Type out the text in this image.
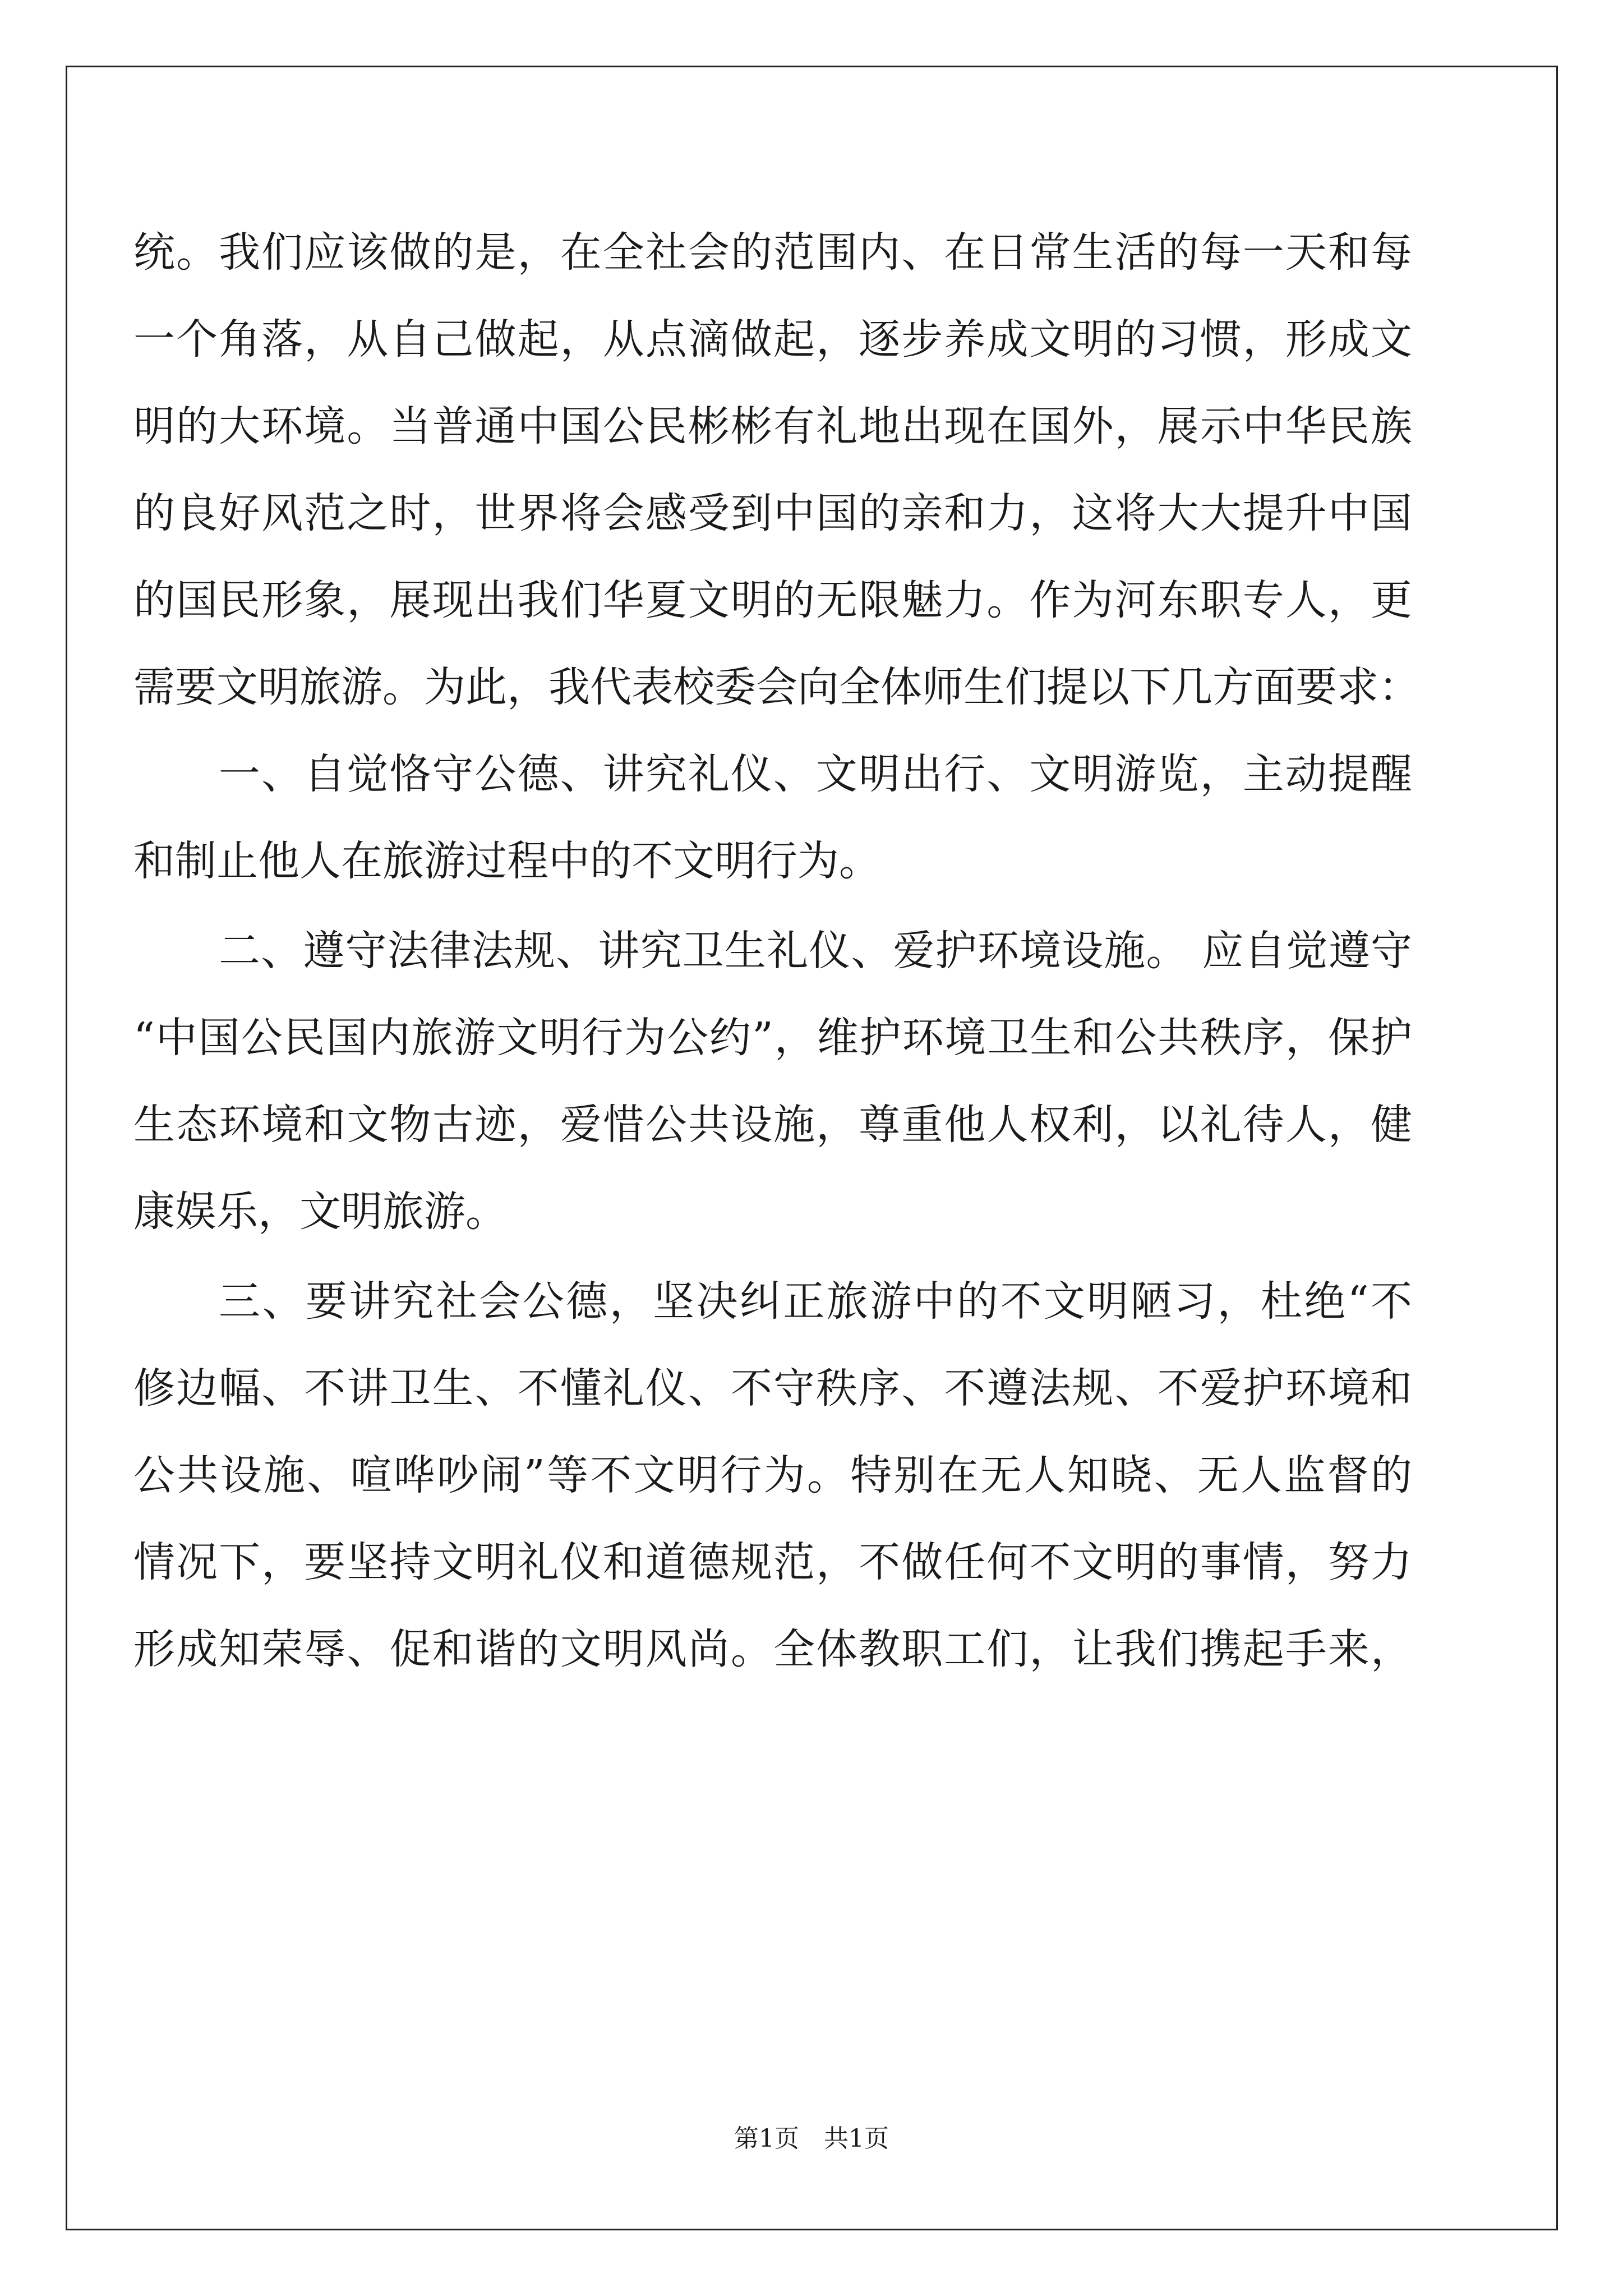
统。我们应该做的是，在全社会的范围内、在日常生活的每一天和每
一个角落，从自己做起，从点滴做起，逐步养成文明的习惯，形成文
明的大环境。当普通中国公民彬彬有礼地出现在国外，展示中华民族
的良好风范之时，世界将会感受到中国的亲和力，这将大大提升中国
的国民形象，展现出我们华夏文明的无限魅力。作为河东职专人，更
需要文明旅游。为此，我代表校委会向全体师生们提以下几方面要求：
一、自觉恪守公德、讲究礼仪、文明出行、文明游览，主动提醒
和制止他人在旅游过程中的不文明行为。
二、遵守法律法规、讲究卫生礼仪、爱护环境设施。 应自觉遵守
“中国公民国内旅游文明行为公约”，维护环境卫生和公共秩序，保护
生态环境和文物古迹，爱惜公共设施，尊重他人权利，以礼待人，健
康娱乐，文明旅游。
三、要讲究社会公德，坚决纠正旅游中的不文明陋习，杜绝“不
修边幅、不讲卫生、不懂礼仪、不守秩序、不遵法规、不爱护环境和
公共设施、喧哗吵闹”等不文明行为。特别在无人知晓、无人监督的
情况下，要坚持文明礼仪和道德规范，不做任何不文明的事情，努力
形成知荣辱、促和谐的文明风尚。全体教职工们，让我们携起手来，
第1页　共1页
